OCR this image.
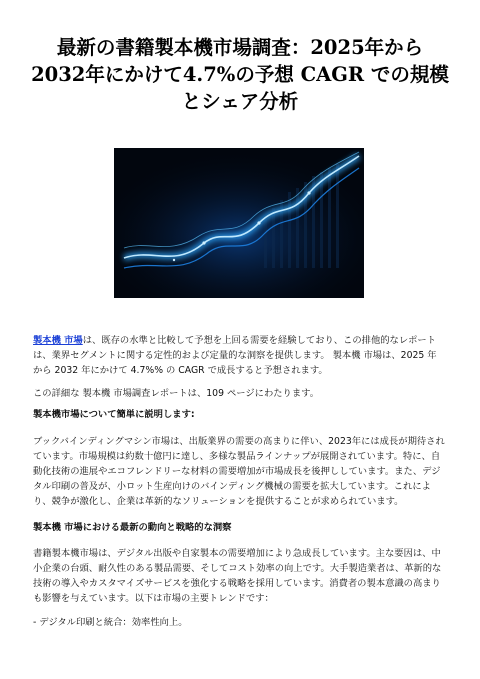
最新の書籍製本機市場調査：2025年から2032年にかけて4.7%の予想 CAGR での規模とシェア分析

製本機 市場は、既存の水準と比較して予想を上回る需要を経験しており、この排他的なレポートは、業界セグメントに関する定性的および定量的な洞察を提供します。 製本機 市場は、2025 年から 2032 年にかけて 4.7%% の CAGR で成長すると予想されます。

この詳細な 製本機 市場調査レポートは、109 ページにわたります。

製本機市場について簡単に説明します:

ブックバインディングマシン市場は、出版業界の需要の高まりに伴い、2023年には成長が期待されています。市場規模は約数十億円に達し、多様な製品ラインナップが展開されています。特に、自動化技術の進展やエコフレンドリーな材料の需要増加が市場成長を後押ししています。また、デジタル印刷の普及が、小ロット生産向けのバインディング機械の需要を拡大しています。これにより、競争が激化し、企業は革新的なソリューションを提供することが求められています。

製本機 市場における最新の動向と戦略的な洞察

書籍製本機市場は、デジタル出版や自家製本の需要増加により急成長しています。主な要因は、中小企業の台頭、耐久性のある製品需要、そしてコスト効率の向上です。大手製造業者は、革新的な技術の導入やカスタマイズサービスを強化する戦略を採用しています。消費者の製本意識の高まりも影響を与えています。以下は市場の主要トレンドです：

- デジタル印刷と統合：効率性向上。
